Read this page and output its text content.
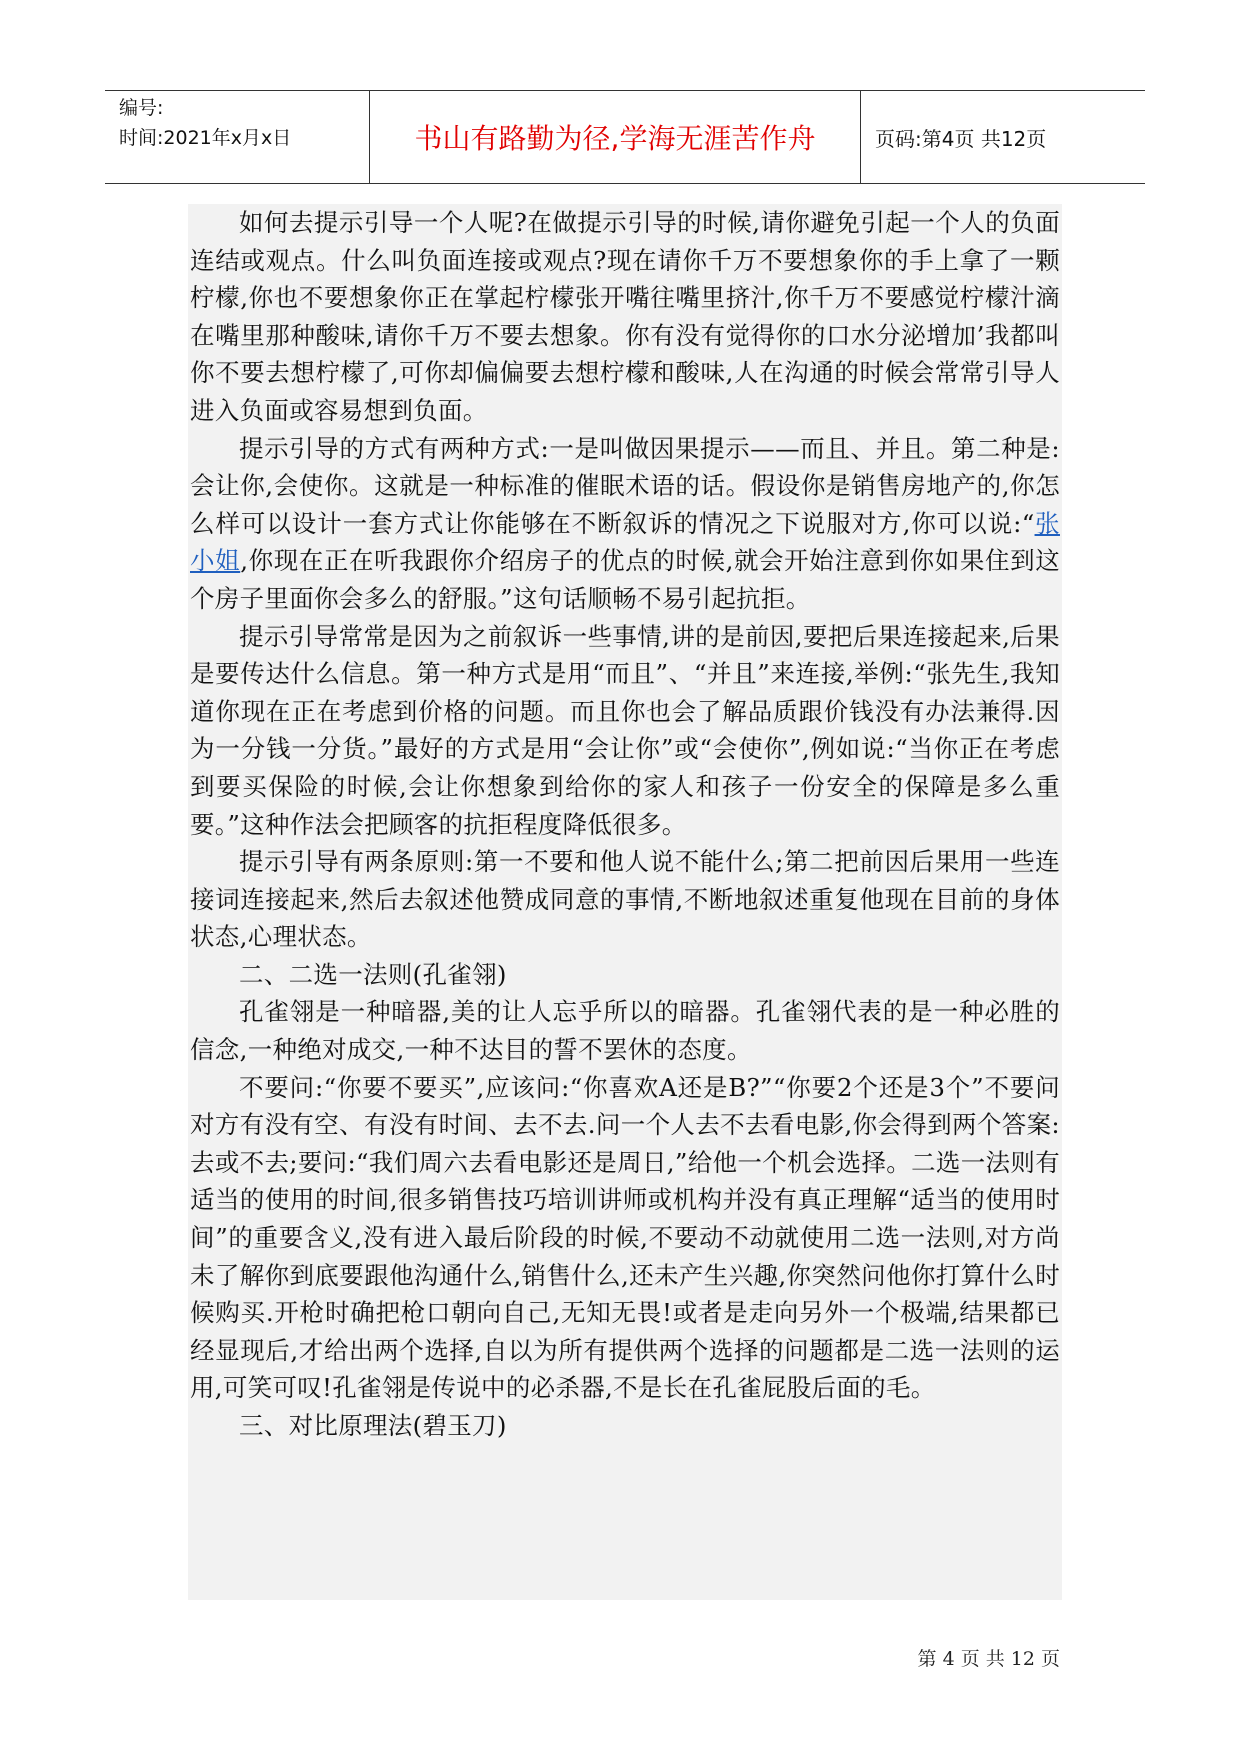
编号:
时间:2021年x月x日	书山有路勤为径,学海无涯苦作舟	页码:第4页 共12页

如何去提示引导一个人呢?在做提示引导的时候,请你避免引起一个人的负面连结或观点。什么叫负面连接或观点?现在请你千万不要想象你的手上拿了一颗柠檬,你也不要想象你正在掌起柠檬张开嘴往嘴里挤汁,你千万不要感觉柠檬汁滴在嘴里那种酸味,请你千万不要去想象。你有没有觉得你的口水分泌增加’我都叫你不要去想柠檬了,可你却偏偏要去想柠檬和酸味,人在沟通的时候会常常引导人进入负面或容易想到负面。

提示引导的方式有两种方式:一是叫做因果提示——而且、并且。第二种是:会让你,会使你。这就是一种标准的催眠术语的话。假设你是销售房地产的,你怎么样可以设计一套方式让你能够在不断叙诉的情况之下说服对方,你可以说:“张小姐,你现在正在听我跟你介绍房子的优点的时候,就会开始注意到你如果住到这个房子里面你会多么的舒服。”这句话顺畅不易引起抗拒。

提示引导常常是因为之前叙诉一些事情,讲的是前因,要把后果连接起来,后果是要传达什么信息。第一种方式是用“而且”、“并且”来连接,举例:“张先生,我知道你现在正在考虑到价格的问题。而且你也会了解品质跟价钱没有办法兼得.因为一分钱一分货。”最好的方式是用“会让你”或“会使你”,例如说:“当你正在考虑到要买保险的时候,会让你想象到给你的家人和孩子一份安全的保障是多么重要。”这种作法会把顾客的抗拒程度降低很多。

提示引导有两条原则:第一不要和他人说不能什么;第二把前因后果用一些连接词连接起来,然后去叙述他赞成同意的事情,不断地叙述重复他现在目前的身体状态,心理状态。

二、二选一法则(孔雀翎)

孔雀翎是一种暗器,美的让人忘乎所以的暗器。孔雀翎代表的是一种必胜的信念,一种绝对成交,一种不达目的誓不罢休的态度。

不要问:“你要不要买”,应该问:“你喜欢A还是B?”“你要2个还是3个”不要问对方有没有空、有没有时间、去不去.问一个人去不去看电影,你会得到两个答案:去或不去;要问:“我们周六去看电影还是周日,”给他一个机会选择。二选一法则有适当的使用的时间,很多销售技巧培训讲师或机构并没有真正理解“适当的使用时间”的重要含义,没有进入最后阶段的时候,不要动不动就使用二选一法则,对方尚未了解你到底要跟他沟通什么,销售什么,还未产生兴趣,你突然问他你打算什么时候购买.开枪时确把枪口朝向自己,无知无畏!或者是走向另外一个极端,结果都已经显现后,才给出两个选择,自以为所有提供两个选择的问题都是二选一法则的运用,可笑可叹!孔雀翎是传说中的必杀器,不是长在孔雀屁股后面的毛。

三、对比原理法(碧玉刀)

第 4 页 共 12 页
